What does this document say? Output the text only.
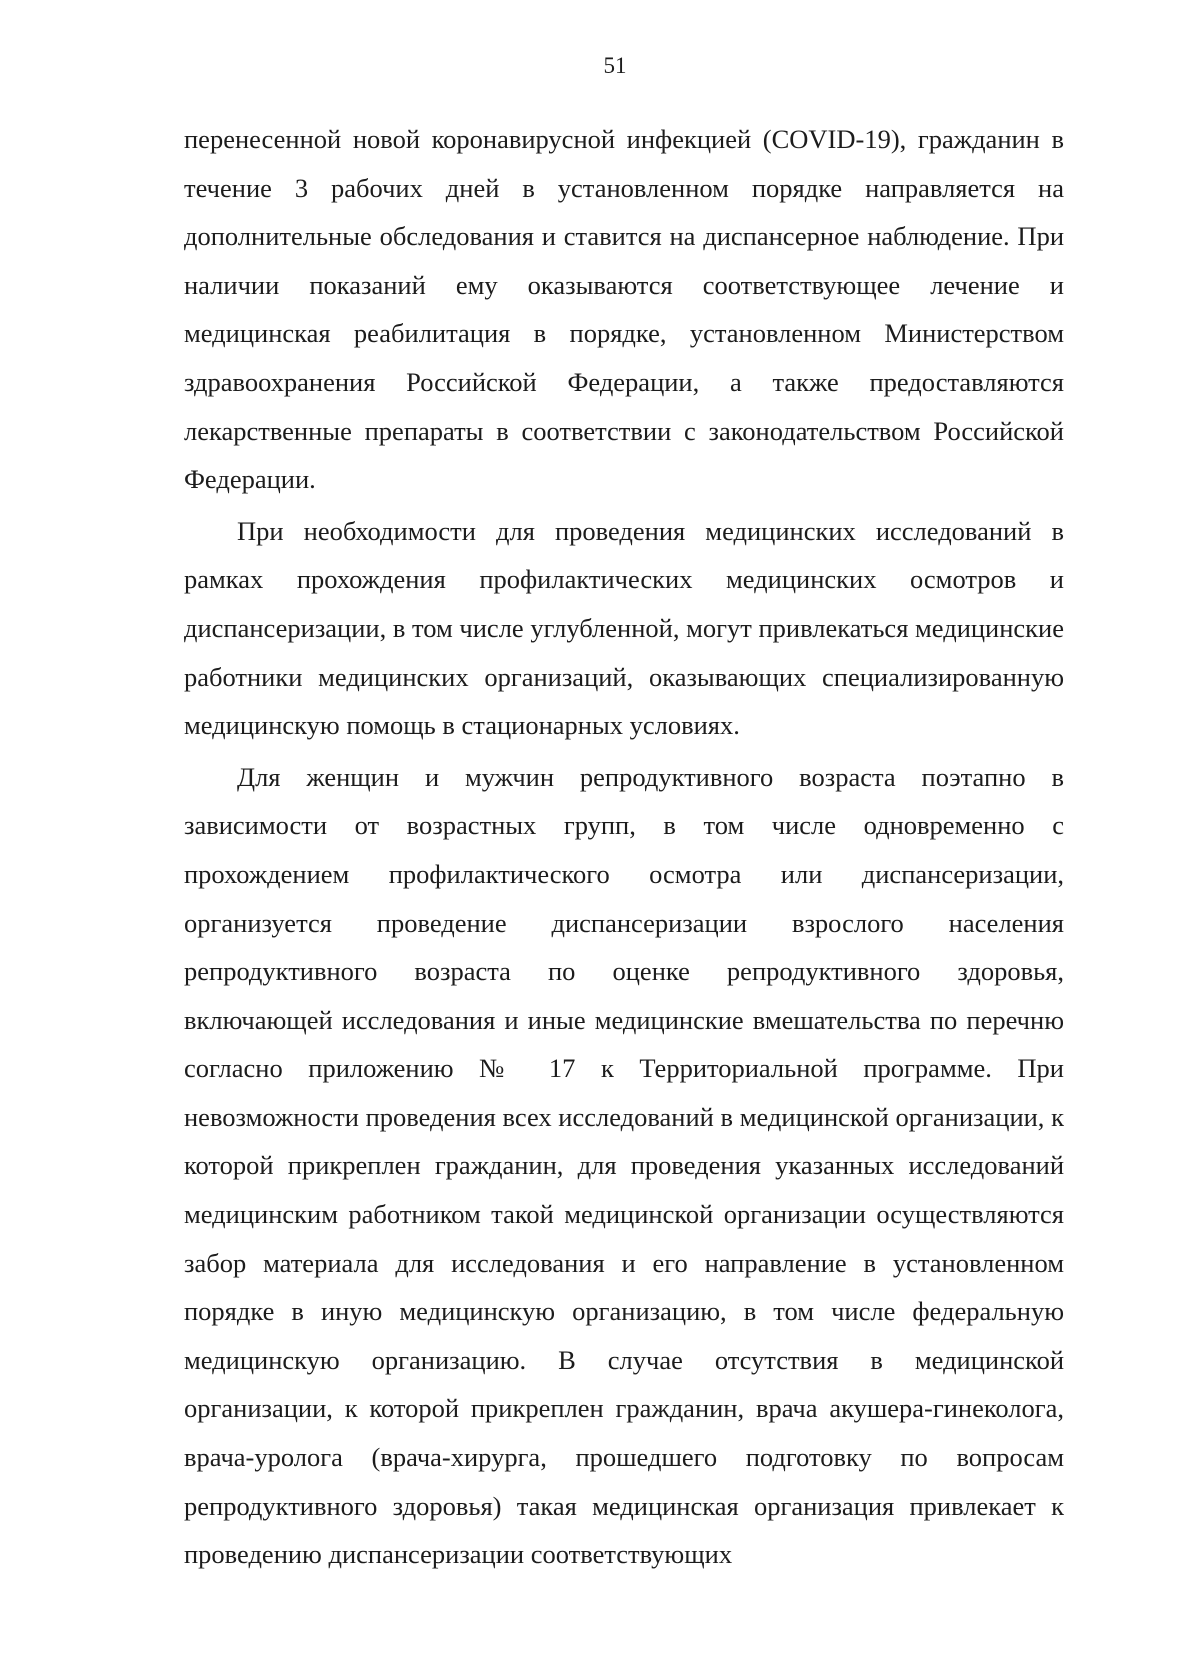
51

перенесенной новой коронавирусной инфекцией (COVID-19), гражданин в течение 3 рабочих дней в установленном порядке направляется на дополнительные обследования и ставится на диспансерное наблюдение. При наличии показаний ему оказываются соответствующее лечение и медицинская реабилитация в порядке, установленном Министерством здравоохранения Российской Федерации, а также предоставляются лекарственные препараты в соответствии с законодательством Российской Федерации.

При необходимости для проведения медицинских исследований в рамках прохождения профилактических медицинских осмотров и диспансеризации, в том числе углубленной, могут привлекаться медицинские работники медицинских организаций, оказывающих специализированную медицинскую помощь в стационарных условиях.

Для женщин и мужчин репродуктивного возраста поэтапно в зависимости от возрастных групп, в том числе одновременно с прохождением профилактического осмотра или диспансеризации, организуется проведение диспансеризации взрослого населения репродуктивного возраста по оценке репродуктивного здоровья, включающей исследования и иные медицинские вмешательства по перечню согласно приложению № 17 к Территориальной программе. При невозможности проведения всех исследований в медицинской организации, к которой прикреплен гражданин, для проведения указанных исследований медицинским работником такой медицинской организации осуществляются забор материала для исследования и его направление в установленном порядке в иную медицинскую организацию, в том числе федеральную медицинскую организацию. В случае отсутствия в медицинской организации, к которой прикреплен гражданин, врача акушера-гинеколога, врача-уролога (врача-хирурга, прошедшего подготовку по вопросам репродуктивного здоровья) такая медицинская организация привлекает к проведению диспансеризации соответствующих
